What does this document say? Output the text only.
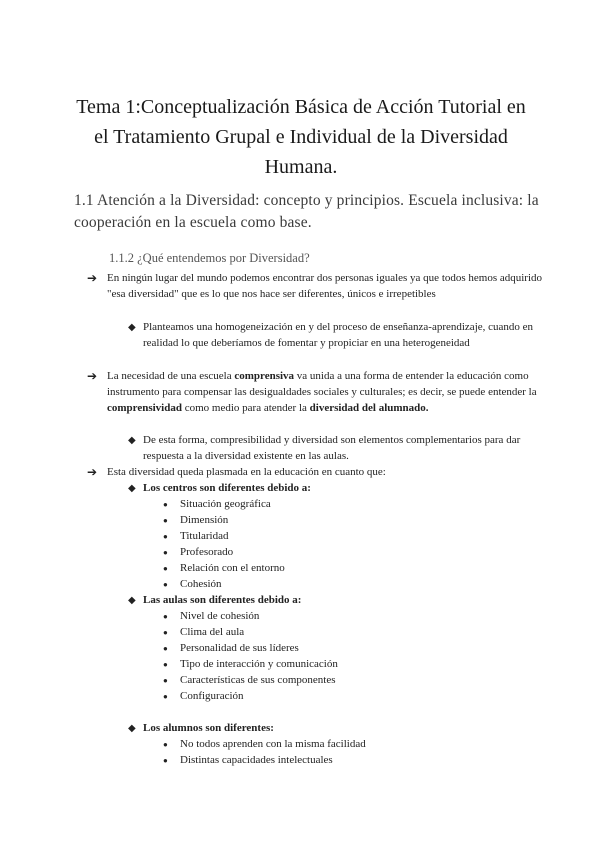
Tema 1:Conceptualización Básica de Acción Tutorial en el Tratamiento Grupal e Individual de la Diversidad Humana.
1.1 Atención a la Diversidad: concepto y principios. Escuela inclusiva: la cooperación en la escuela como base.
1.1.2 ¿Qué entendemos por Diversidad?
➔ En ningún lugar del mundo podemos encontrar dos personas iguales ya que todos hemos adquirido "esa diversidad" que es lo que nos hace ser diferentes, únicos e irrepetibles
◆ Planteamos una homogeneización en y del proceso de enseñanza-aprendizaje, cuando en realidad lo que deberíamos de fomentar y propiciar en una heterogeneidad
➔ La necesidad de una escuela comprensiva va unida a una forma de entender la educación como instrumento para compensar las desigualdades sociales y culturales; es decir, se puede entender la comprensividad como medio para atender la diversidad del alumnado.
◆ De esta forma, compresibilidad y diversidad son elementos complementarios para dar respuesta a la diversidad existente en las aulas.
➔ Esta diversidad queda plasmada en la educación en cuanto que:
◆ Los centros son diferentes debido a:
● Situación geográfica
● Dimensión
● Titularidad
● Profesorado
● Relación con el entorno
● Cohesión
◆ Las aulas son diferentes debido a:
● Nivel de cohesión
● Clima del aula
● Personalidad de sus líderes
● Tipo de interacción y comunicación
● Características de sus componentes
● Configuración
◆ Los alumnos son diferentes:
● No todos aprenden con la misma facilidad
● Distintas capacidades intelectuales
